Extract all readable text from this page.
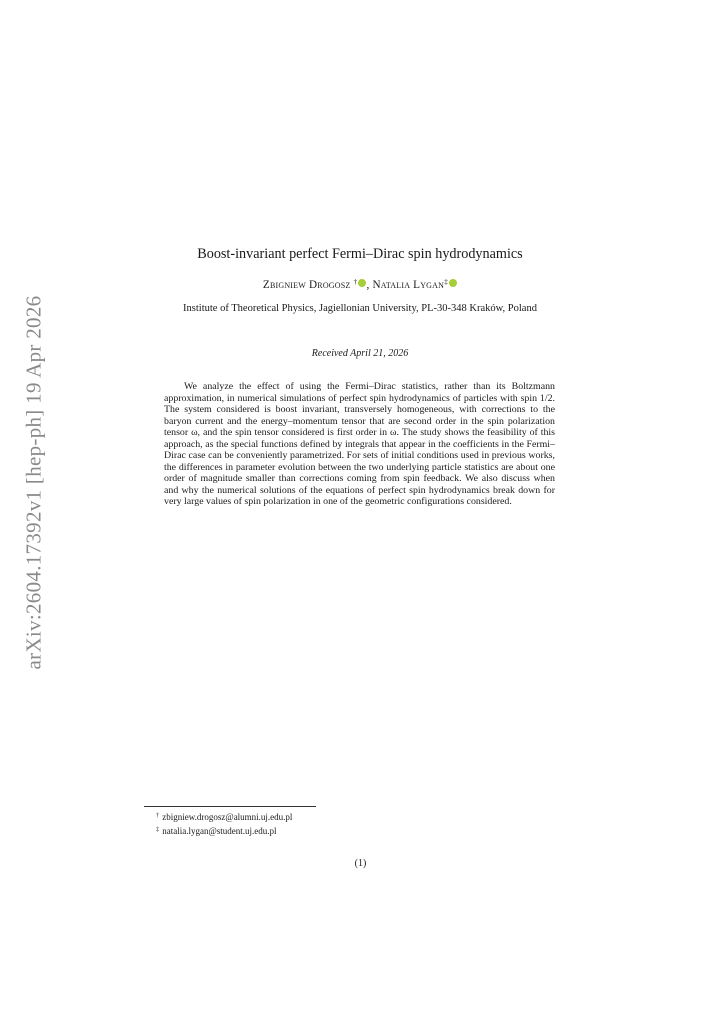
arXiv:2604.17392v1 [hep-ph] 19 Apr 2026
Boost-invariant perfect Fermi–Dirac spin hydrodynamics
Zbigniew Drogosz † , Natalia Lygan‡
Institute of Theoretical Physics, Jagiellonian University, PL-30-348 Kraków, Poland
Received April 21, 2026
We analyze the effect of using the Fermi–Dirac statistics, rather than its Boltzmann approximation, in numerical simulations of perfect spin hydrodynamics of particles with spin 1/2. The system considered is boost invariant, transversely homogeneous, with corrections to the baryon current and the energy–momentum tensor that are second order in the spin polarization tensor ω, and the spin tensor considered is first order in ω. The study shows the feasibility of this approach, as the special functions defined by integrals that appear in the coefficients in the Fermi–Dirac case can be conveniently parametrized. For sets of initial conditions used in previous works, the differences in parameter evolution between the two underlying particle statistics are about one order of magnitude smaller than corrections coming from spin feedback. We also discuss when and why the numerical solutions of the equations of perfect spin hydrodynamics break down for very large values of spin polarization in one of the geometric configurations considered.
† zbigniew.drogosz@alumni.uj.edu.pl
‡ natalia.lygan@student.uj.edu.pl
(1)
